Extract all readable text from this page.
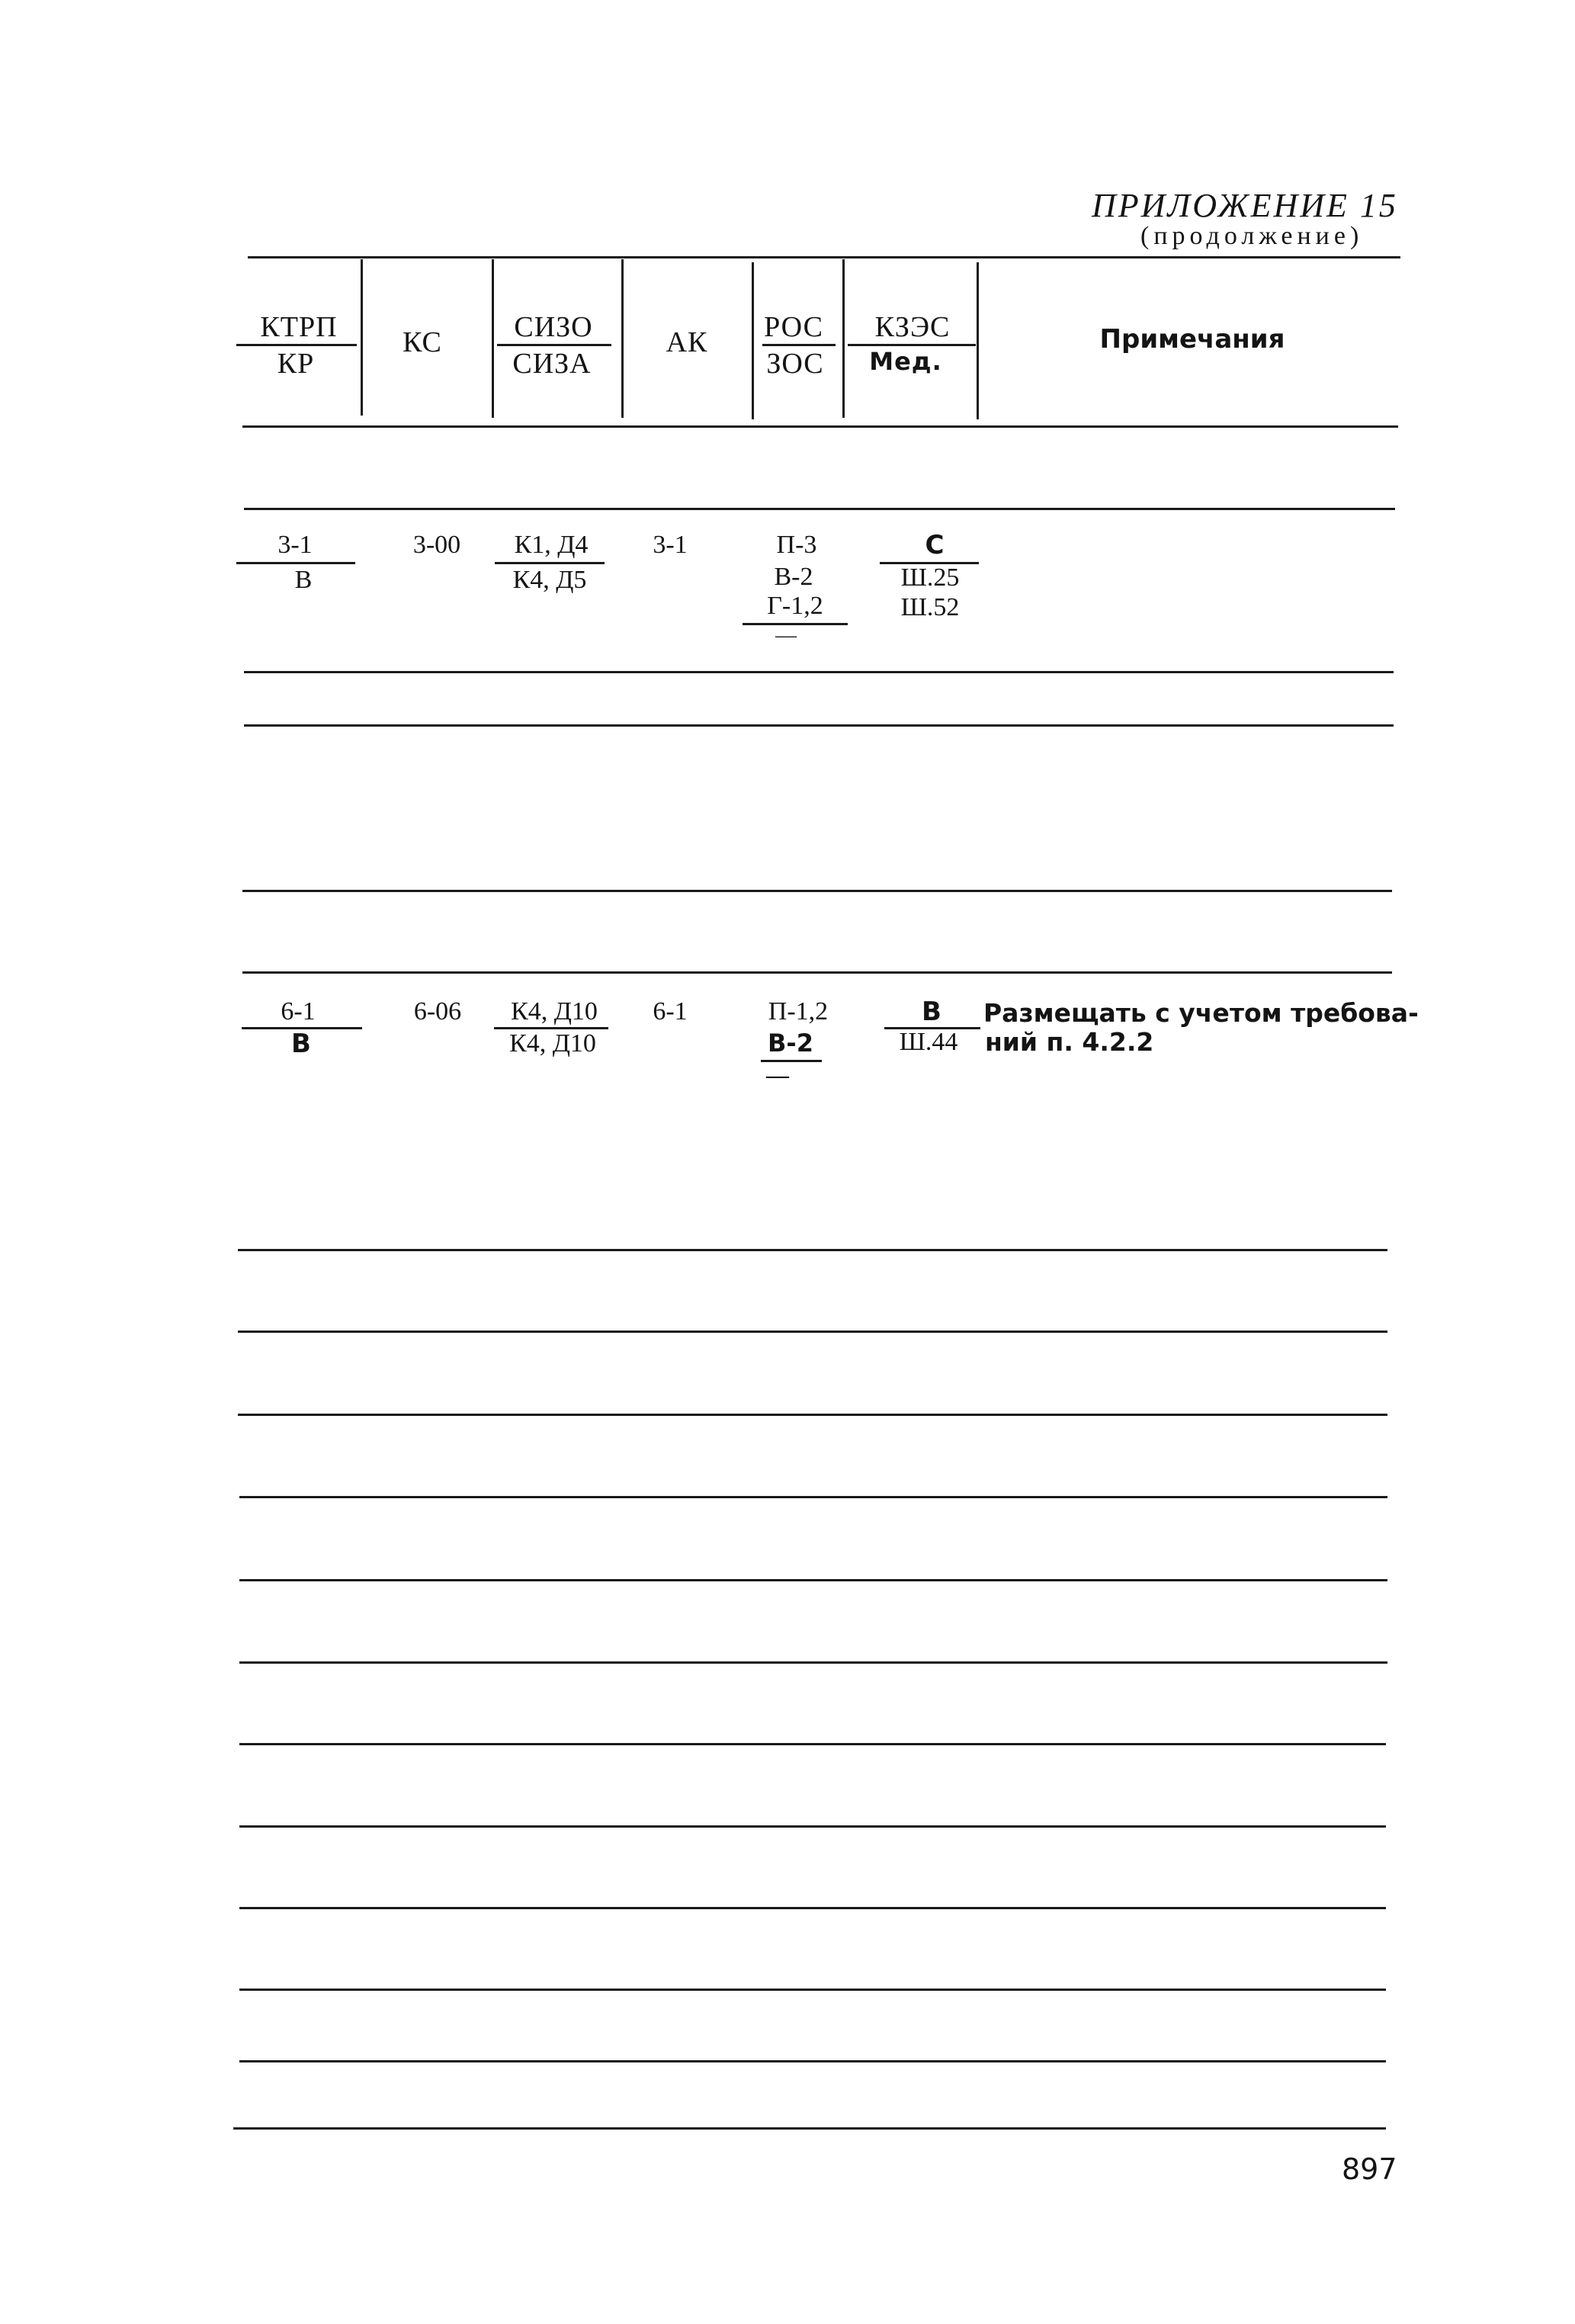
ПРИЛОЖЕНИЕ 15
(продолжение)
КТРП
КР
КС СИЗО
СИЗА
АК РОС
ЗОС
КЗЭС
Мед.
Примечания
3-1
В
3-00 К1, Д4
К4, Д5
3-1	П-3
В-2
Г-1,2
—
С
Ш.25
Ш.52
6-1
В
6-06 К4, Д10
К4, Д10
6-1	П-1,2
В-2
—
В
Ш.44
Размещать с учетом требова-
ний п. 4.2.2
897
